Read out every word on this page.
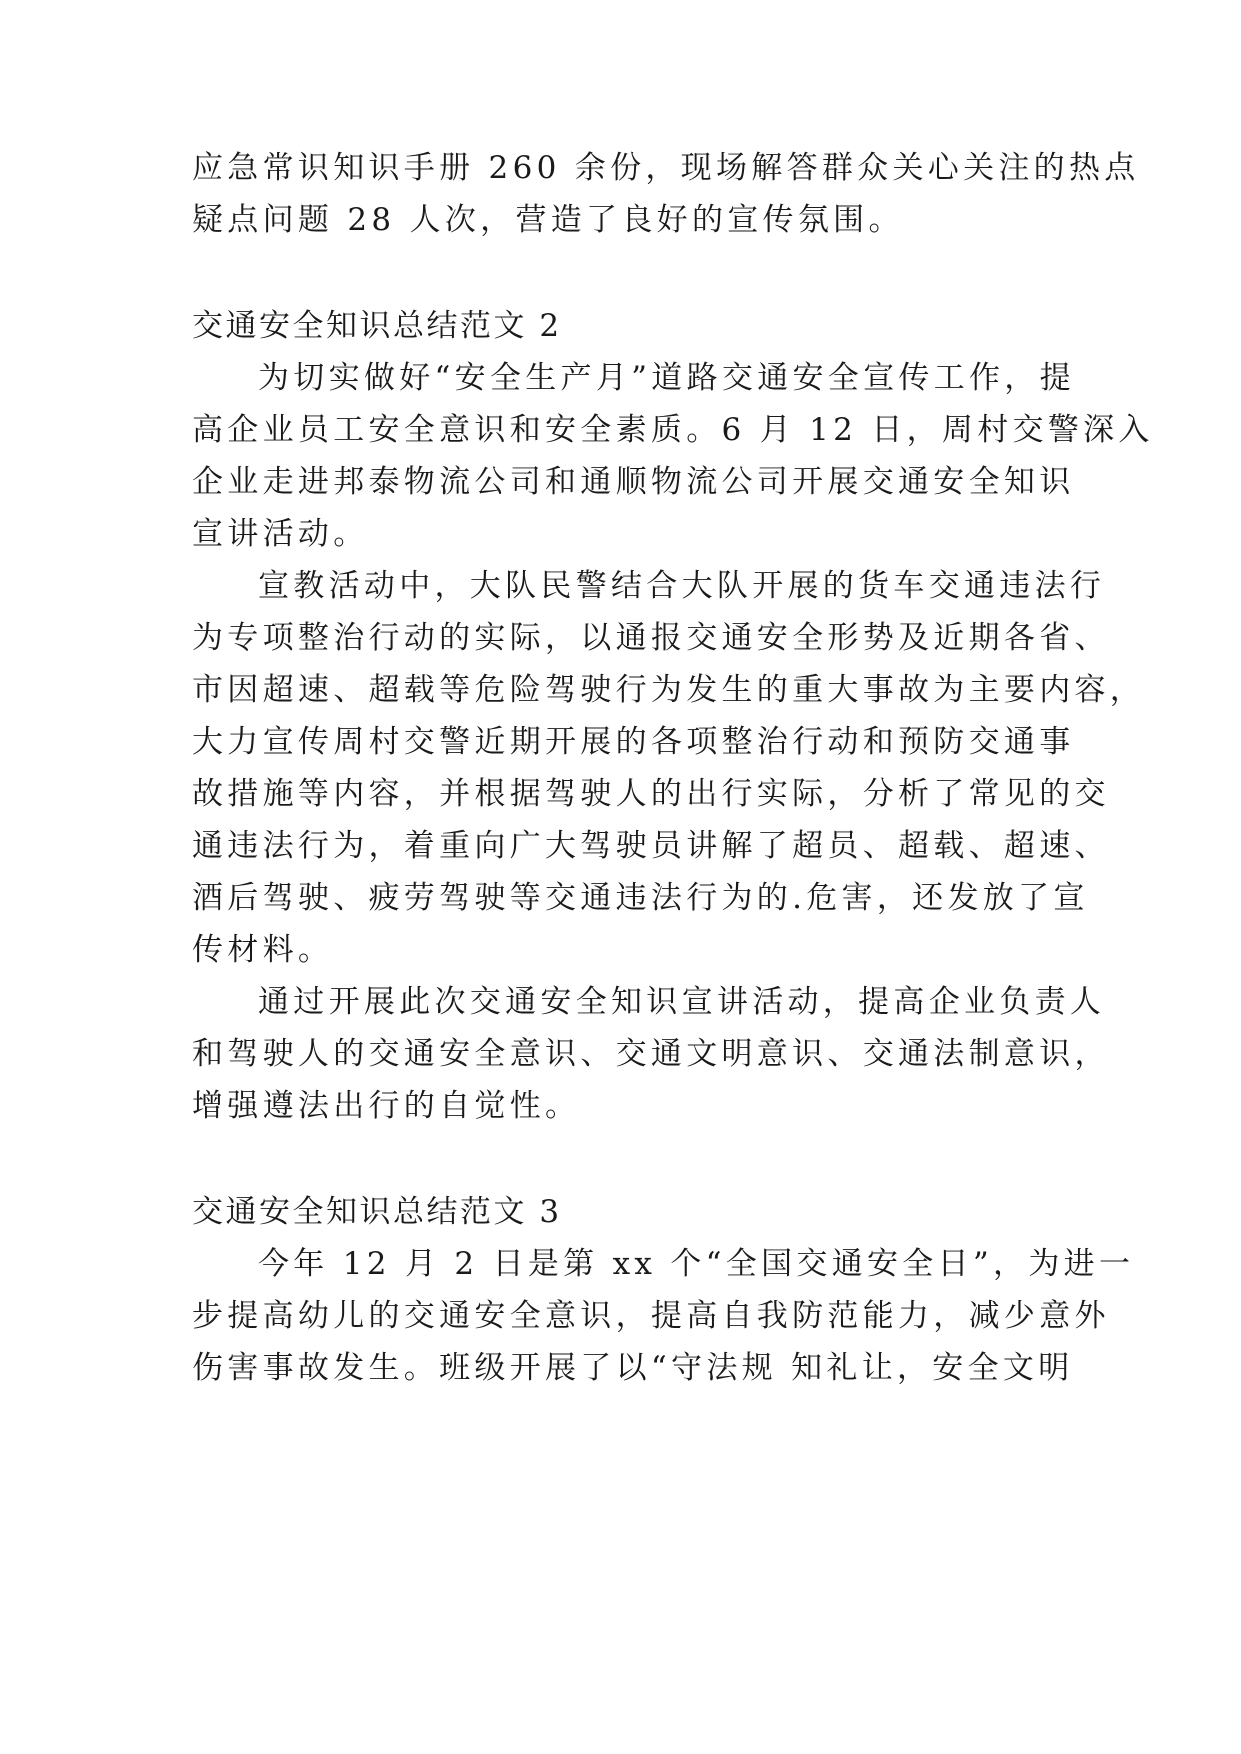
应急常识知识手册 260 余份，现场解答群众关心关注的热点
疑点问题 28 人次，营造了良好的宣传氛围。
交通安全知识总结范文 2
为切实做好“安全生产月”道路交通安全宣传工作，提
高企业员工安全意识和安全素质。6 月 12 日，周村交警深入
企业走进邦泰物流公司和通顺物流公司开展交通安全知识
宣讲活动。
宣教活动中，大队民警结合大队开展的货车交通违法行
为专项整治行动的实际，以通报交通安全形势及近期各省、
市因超速、超载等危险驾驶行为发生的重大事故为主要内容，
大力宣传周村交警近期开展的各项整治行动和预防交通事
故措施等内容，并根据驾驶人的出行实际，分析了常见的交
通违法行为，着重向广大驾驶员讲解了超员、超载、超速、
酒后驾驶、疲劳驾驶等交通违法行为的.危害，还发放了宣
传材料。
通过开展此次交通安全知识宣讲活动，提高企业负责人
和驾驶人的交通安全意识、交通文明意识、交通法制意识，
增强遵法出行的自觉性。
交通安全知识总结范文 3
今年 12 月 2 日是第 xx 个“全国交通安全日”，为进一
步提高幼儿的交通安全意识，提高自我防范能力，减少意外
伤害事故发生。班级开展了以“守法规 知礼让，安全文明
